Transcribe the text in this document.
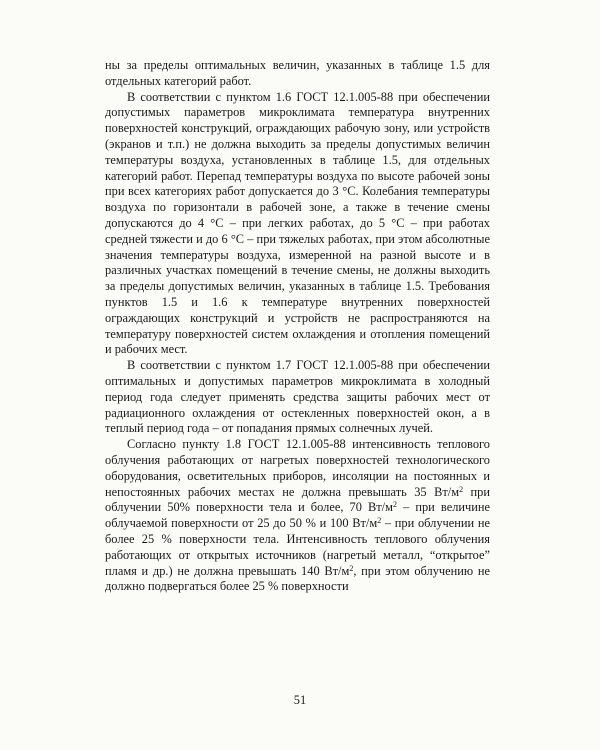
ны за пределы оптимальных величин, указанных в таблице 1.5 для отдельных категорий работ.

В соответствии с пунктом 1.6 ГОСТ 12.1.005-88 при обеспечении допустимых параметров микроклимата температура внутренних поверхностей конструкций, ограждающих рабочую зону, или устройств (экранов и т.п.) не должна выходить за пределы допустимых величин температуры воздуха, установленных в таблице 1.5, для отдельных категорий работ. Перепад температуры воздуха по высоте рабочей зоны при всех категориях работ допускается до 3 °С. Колебания температуры воздуха по горизонтали в рабочей зоне, а также в течение смены допускаются до 4 °С – при легких работах, до 5 °С – при работах средней тяжести и до 6 °С – при тяжелых работах, при этом абсолютные значения температуры воздуха, измеренной на разной высоте и в различных участках помещений в течение смены, не должны выходить за пределы допустимых величин, указанных в таблице 1.5. Требования пунктов 1.5 и 1.6 к температуре внутренних поверхностей ограждающих конструкций и устройств не распространяются на температуру поверхностей систем охлаждения и отопления помещений и рабочих мест.

В соответствии с пунктом 1.7 ГОСТ 12.1.005-88 при обеспечении оптимальных и допустимых параметров микроклимата в холодный период года следует применять средства защиты рабочих мест от радиационного охлаждения от остекленных поверхностей окон, а в теплый период года – от попадания прямых солнечных лучей.

Согласно пункту 1.8 ГОСТ 12.1.005-88 интенсивность теплового облучения работающих от нагретых поверхностей технологического оборудования, осветительных приборов, инсоляции на постоянных и непостоянных рабочих местах не должна превышать 35 $Вт/м^2$ при облучении 50% поверхности тела и более, 70 $Вт/м^2$ – при величине облучаемой поверхности от 25 до 50 % и 100 $Вт/м^2$ – при облучении не более 25 % поверхности тела. Интенсивность теплового облучения работающих от открытых источников (нагретый металл, “открытое” пламя и др.) не должна превышать 140 $Вт/м^2$, при этом облучению не должно подвергаться более 25 % поверхности

51
